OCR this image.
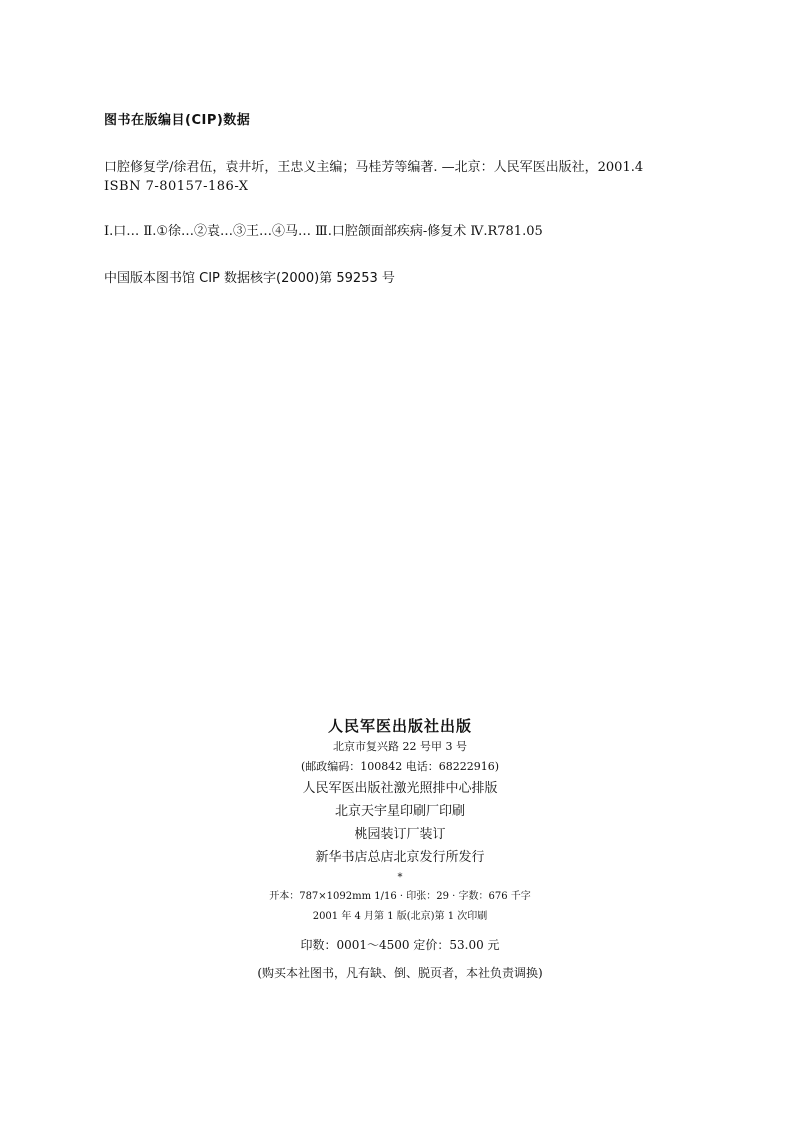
图书在版编目(CIP)数据

口腔修复学/徐君伍，袁井圻，王忠义主编；马桂芳等编著. —北京：人民军医出版社，2001.4

ISBN 7-80157-186-X

Ⅰ.口… Ⅱ.①徐…②袁…③王…④马… Ⅲ.口腔颌面部疾病-修复术 Ⅳ.R781.05

中国版本图书馆 CIP 数据核字(2000)第 59253 号

人民军医出版社出版

北京市复兴路 22 号甲 3 号

(邮政编码：100842 电话：68222916)

人民军医出版社激光照排中心排版

北京天宇星印刷厂印刷

桃园装订厂装订

新华书店总店北京发行所发行

*

开本：787×1092mm 1/16 · 印张：29 · 字数：676 千字

2001 年 4 月第 1 版(北京)第 1 次印刷

印数：0001～4500 定价：53.00 元

(购买本社图书，凡有缺、倒、脱页者，本社负责调换)
